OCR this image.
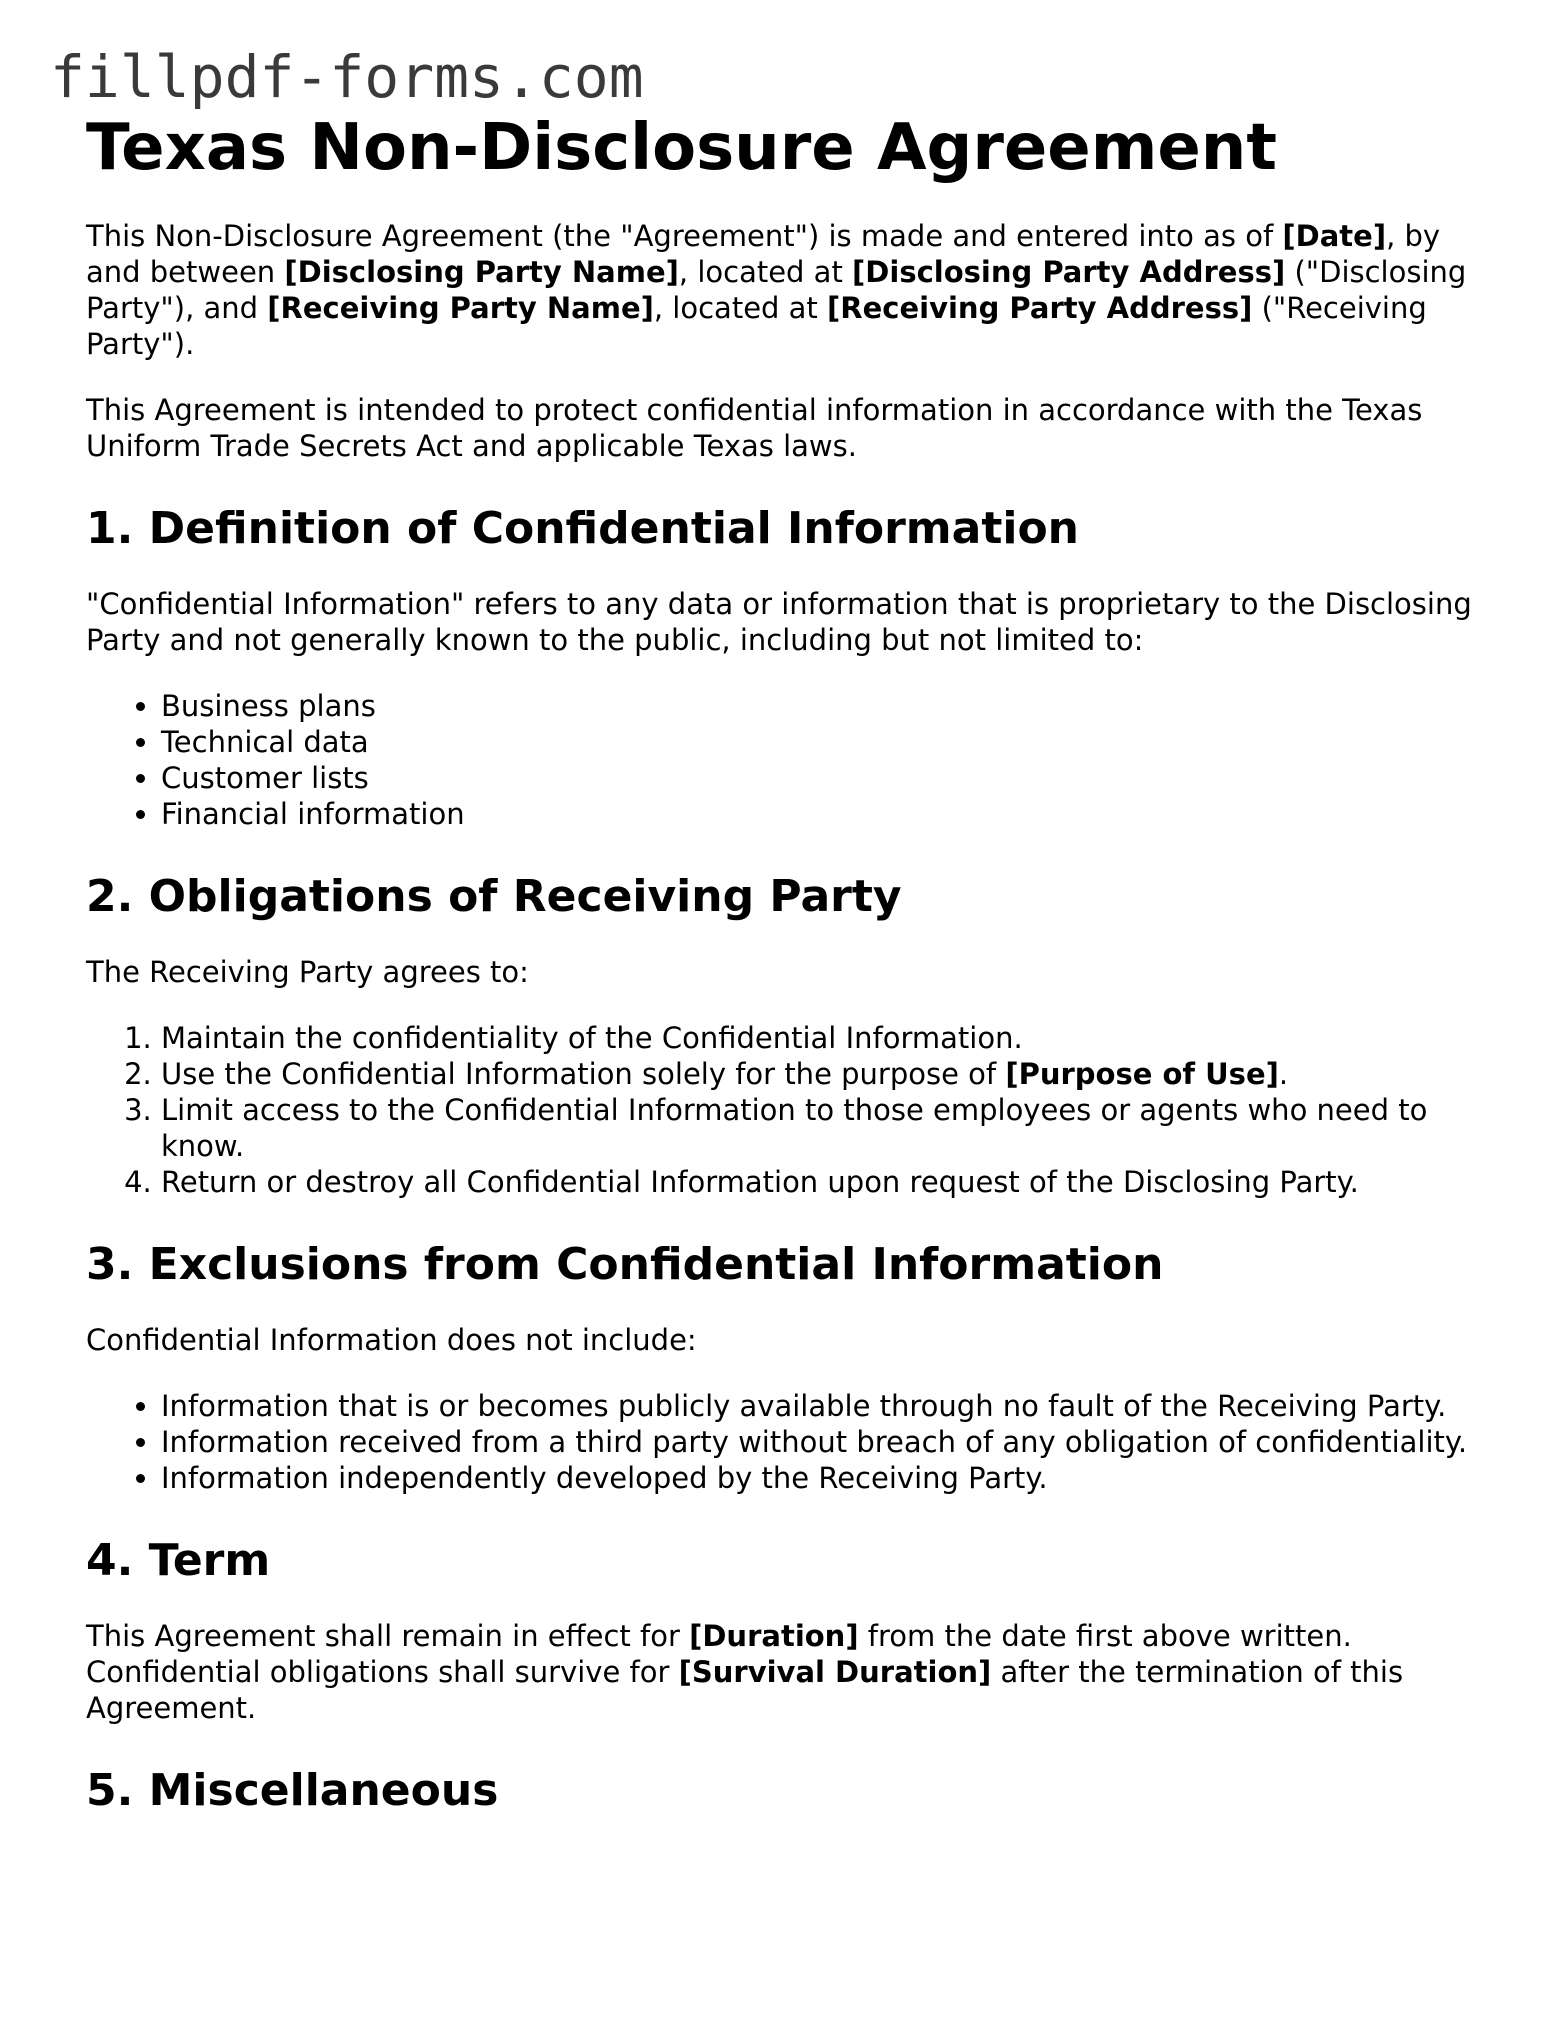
fillpdf-forms.com
Texas Non-Disclosure Agreement

This Non-Disclosure Agreement (the "Agreement") is made and entered into as of [Date], by and between [Disclosing Party Name], located at [Disclosing Party Address] ("Disclosing Party"), and [Receiving Party Name], located at [Receiving Party Address] ("Receiving Party").

This Agreement is intended to protect confidential information in accordance with the Texas Uniform Trade Secrets Act and applicable Texas laws.

1. Definition of Confidential Information

"Confidential Information" refers to any data or information that is proprietary to the Disclosing Party and not generally known to the public, including but not limited to:

• Business plans
• Technical data
• Customer lists
• Financial information
2. Obligations of Receiving Party

The Receiving Party agrees to:

1. Maintain the confidentiality of the Confidential Information.
2. Use the Confidential Information solely for the purpose of [Purpose of Use].
3. Limit access to the Confidential Information to those employees or agents who need to know.
4. Return or destroy all Confidential Information upon request of the Disclosing Party.
3. Exclusions from Confidential Information

Confidential Information does not include:

• Information that is or becomes publicly available through no fault of the Receiving Party.
• Information received from a third party without breach of any obligation of confidentiality.
• Information independently developed by the Receiving Party.
4. Term

This Agreement shall remain in effect for [Duration] from the date first above written. Confidential obligations shall survive for [Survival Duration] after the termination of this Agreement.

5. Miscellaneous
